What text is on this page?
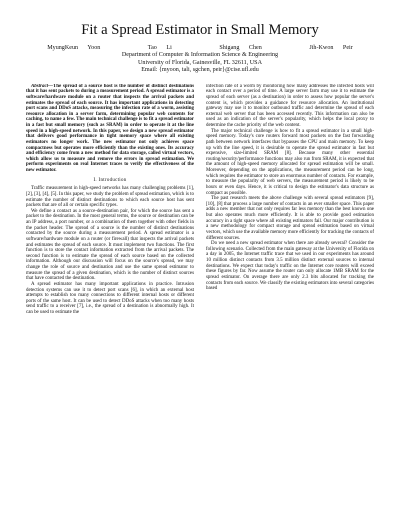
Fit a Spread Estimator in Small Memory
MyungKeun Yoon     Tao Li     Shigang Chen     Jih-Kwon Peir
Department of Computer & Information Science & Engineering
University of Florida, Gainesville, FL 32611, USA
Email: {myoon, tali, sgchen, peir}@cise.ufl.edu

Abstract—The spread of a source host is the number of distinct destinations that it has sent packets to during a measurement period. A spread estimator is a software/hardware module on a router that inspects the arrival packets and estimates the spread of each source. It has important applications in detecting port scans and DDoS attacks, measuring the infection rate of a worm, assisting resource allocation in a server farm, determining popular web contents for caching, to name a few. The main technical challenge is to fit a spread estimator in a fast but small memory (such as SRAM) in order to operate it at the line speed in a high-speed network. In this paper, we design a new spread estimator that delivers good performance in tight memory space where all existing estimators no longer work. The new estimator not only achieves space compactness but operates more efficiently than the existing ones. Its accuracy and efficiency come from a new method for data storage, called virtual vectors, which allow us to measure and remove the errors in spread estimation. We perform experiments on real Internet traces to verify the effectiveness of the new estimator.

I. Introduction

Traffic measurement in high-speed networks has many challenging problems [1], [2], [3], [4], [5]. In this paper, we study the problem of spread estimation, which is to estimate the number of distinct destinations to which each source host has sent packets that are of all or certain specific types.

We define a contact as a source-destination pair, for which the source has sent a packet to the destination. In the most general terms, the source or destination can be an IP address, a port number, or a combination of them together with other fields in the packet header. The spread of a source is the number of distinct destinations contacted by the source during a measurement period. A spread estimator is a software/hardware module on a router (or firewall) that inspects the arrival packets and estimates the spread of each source. It must implement two functions. The first function is to store the contact information extracted from the arrival packets. The second function is to estimate the spread of each source based on the collected information. Although our discussion will focus on the source's spread, we may change the role of source and destination and use the same spread estimator to measure the spread of a given destination, which is the number of distinct sources that have contacted the destination.

A spread estimator has many important applications in practice. Intrusion detection systems can use it to detect port scans [6], in which an external host attempts to establish too many connections to different internal hosts or different ports of the same host. It can be used to detect DDoS attacks when too many hosts send traffic to a receiver [7], i.e., the spread of a destination is abnormally high. It can be used to estimate the

infection rate of a worm by monitoring how many addresses the infected hosts will each contact over a period of time. A large server farm may use it to estimate the spread of each server (as a destination) in order to assess how popular the server's content is, which provides a guidance for resource allocation. An institutional gateway may use it to monitor outbound traffic and determine the spread of each external web server that has been accessed recently. This information can also be used as an indication of the server's popularity, which helps the local proxy to determine the cache priority of the web content.

The major technical challenge is how to fit a spread estimator in a small high-speed memory. Today's core routers forward most packets on the fast forwarding path between network interfaces that bypasses the CPU and main memory. To keep up with the line speed, it is desirable to operate the spread estimator in fast but expensive, size-limited SRAM [8]. Because many other essential routing/security/performance functions may also run from SRAM, it is expected that the amount of high-speed memory allocated for spread estimation will be small. Moreover, depending on the applications, the measurement period can be long, which requires the estimator to store an enormous number of contacts. For example, to measure the popularity of web servers, the measurement period is likely to be hours or even days. Hence, it is critical to design the estimator's data structure as compact as possible.

The past research meets the above challenge with several spread estimators [9], [10], [8] that process a large number of contacts in an ever smaller space. This paper adds a new member that not only requires far less memory than the best known one but also operates much more efficiently. It is able to provide good estimation accuracy in a tight space where all existing estimators fail. Our major contribution is a new methodology for compact storage and spread estimation based on virtual vectors, which use the available memory more efficiently for tracking the contacts of different sources.

Do we need a new spread estimator when there are already several? Consider the following scenario. Collected from the main gateway at the University of Florida on a day in 2005, the Internet traffic trace that we used in our experiments has around 10 million distinct contacts from 3.5 million distinct external sources to internal destinations. We expect that today's traffic on the Internet core routers will exceed these figures by far. Now assume the router can only allocate 1MB SRAM for the spread estimator. On average there are only 2.3 bits allocated for tracking the contacts from each source. We classify the existing estimators into several categories based
